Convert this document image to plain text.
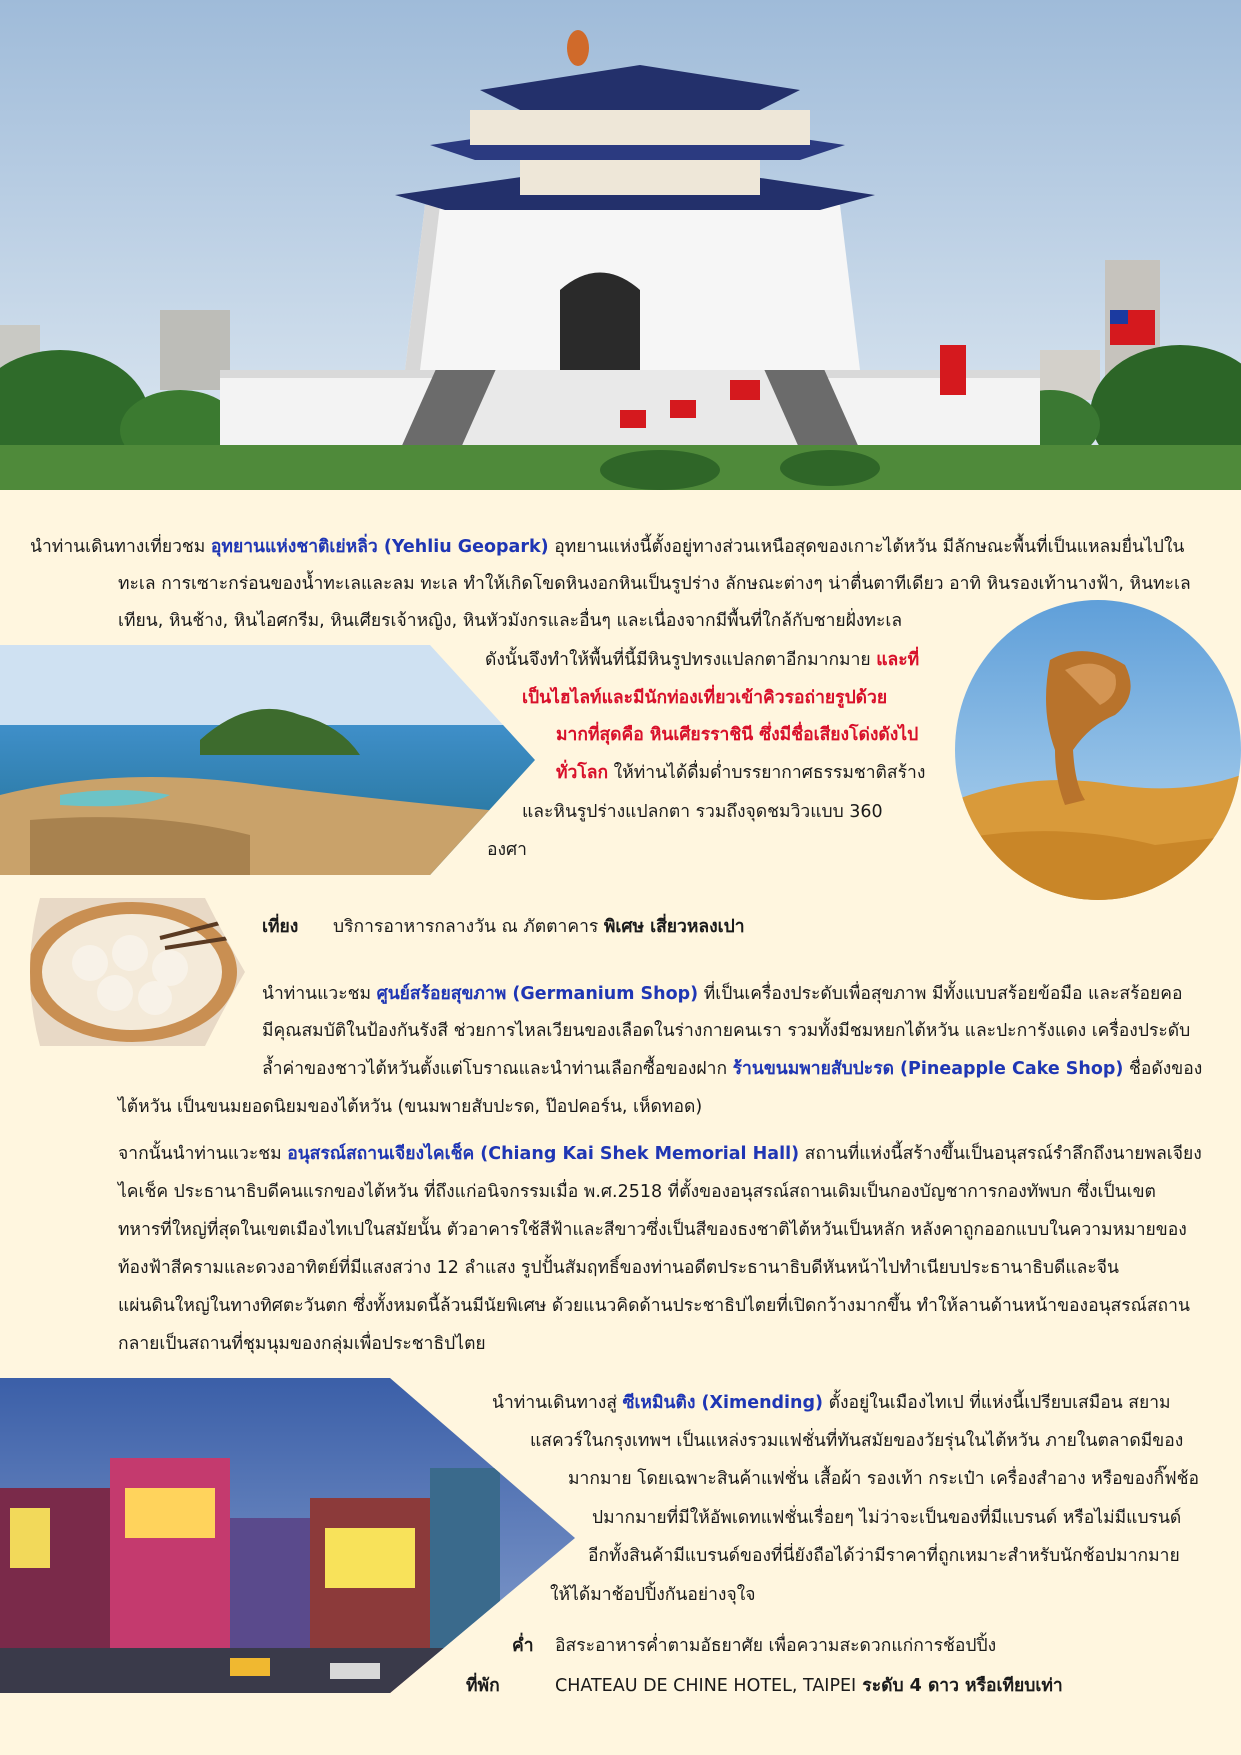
นำท่านเดินทางเที่ยวชม อุทยานแห่งชาติเย่หลิ่ว (Yehliu Geopark) อุทยานแห่งนี้ตั้งอยู่ทางส่วนเหนือสุดของเกาะไต้หวัน มีลักษณะพื้นที่เป็นแหลมยื่นไปใน
ทะเล การเซาะกร่อนของน้ำทะเลและลม ทะเล ทำให้เกิดโขดหินงอกหินเป็นรูปร่าง ลักษณะต่างๆ น่าตื่นตาทีเดียว อาทิ หินรองเท้านางฟ้า, หินทะเล
เทียน, หินช้าง, หินไอศกรีม, หินเศียรเจ้าหญิง, หินหัวมังกรและอื่นๆ และเนื่องจากมีพื้นที่ใกล้กับชายฝั่งทะเล
ดังนั้นจึงทำให้พื้นที่นี้มีหินรูปทรงแปลกตาอีกมากมาย และที่
เป็นไฮไลท์และมีนักท่องเที่ยวเข้าคิวรอถ่ายรูปด้วย
มากที่สุดคือ หินเศียรราชินี ซึ่งมีชื่อเสียงโด่งดังไป
ทั่วโลก ให้ท่านได้ดื่มด่ำบรรยากาศธรรมชาติสร้าง
และหินรูปร่างแปลกตา รวมถึงจุดชมวิวแบบ 360
องศา
เที่ยง บริการอาหารกลางวัน ณ ภัตตาคาร พิเศษ เสี่ยวหลงเปา
นำท่านแวะชม ศูนย์สร้อยสุขภาพ (Germanium Shop) ที่เป็นเครื่องประดับเพื่อสุขภาพ มีทั้งแบบสร้อยข้อมือ และสร้อยคอ
มีคุณสมบัติในป้องกันรังสี ช่วยการไหลเวียนของเลือดในร่างกายคนเรา รวมทั้งมีชมหยกไต้หวัน และปะการังแดง เครื่องประดับ
ล้ำค่าของชาวไต้หวันตั้งแต่โบราณและนำท่านเลือกซื้อของฝาก ร้านขนมพายสับปะรด (Pineapple Cake Shop) ชื่อดังของ
ไต้หวัน เป็นขนมยอดนิยมของไต้หวัน (ขนมพายสับปะรด, ป๊อปคอร์น, เห็ดทอด)
จากนั้นนำท่านแวะชม อนุสรณ์สถานเจียงไคเช็ค (Chiang Kai Shek Memorial Hall) สถานที่แห่งนี้สร้างขึ้นเป็นอนุสรณ์รำลึกถึงนายพลเจียง
ไคเช็ค ประธานาธิบดีคนแรกของไต้หวัน ที่ถึงแก่อนิจกรรมเมื่อ พ.ศ.2518 ที่ตั้งของอนุสรณ์สถานเดิมเป็นกองบัญชาการกองทัพบก ซึ่งเป็นเขต
ทหารที่ใหญ่ที่สุดในเขตเมืองไทเปในสมัยนั้น ตัวอาคารใช้สีฟ้าและสีขาวซึ่งเป็นสีของธงชาติไต้หวันเป็นหลัก หลังคาถูกออกแบบในความหมายของ
ท้องฟ้าสีครามและดวงอาทิตย์ที่มีแสงสว่าง 12 ลำแสง รูปปั้นสัมฤทธิ์ของท่านอดีตประธานาธิบดีหันหน้าไปทำเนียบประธานาธิบดีและจีน
แผ่นดินใหญ่ในทางทิศตะวันตก ซึ่งทั้งหมดนี้ล้วนมีนัยพิเศษ ด้วยแนวคิดด้านประชาธิปไตยที่เปิดกว้างมากขึ้น ทำให้ลานด้านหน้าของอนุสรณ์สถาน
กลายเป็นสถานที่ชุมนุมของกลุ่มเพื่อประชาธิปไตย
นำท่านเดินทางสู่ ซีเหมินติง (Ximending) ตั้งอยู่ในเมืองไทเป ที่แห่งนี้เปรียบเสมือน สยาม
แสควร์ในกรุงเทพฯ เป็นแหล่งรวมแฟชั่นที่ทันสมัยของวัยรุ่นในไต้หวัน ภายในตลาดมีของ
มากมาย โดยเฉพาะสินค้าแฟชั่น เสื้อผ้า รองเท้า กระเป๋า เครื่องสำอาง หรือของกิ๊ฟช้อ
ปมากมายที่มีให้อัพเดทแฟชั่นเรื่อยๆ ไม่ว่าจะเป็นของที่มีแบรนด์ หรือไม่มีแบรนด์
อีกทั้งสินค้ามีแบรนด์ของที่นี่ยังถือได้ว่ามีราคาที่ถูกเหมาะสำหรับนักช้อปมากมาย
ให้ได้มาช้อปปิ้งกันอย่างจุใจ
ค่ำ อิสระอาหารค่ำตามอัธยาศัย เพื่อความสะดวกแก่การช้อปปิ้ง
ที่พัก	CHATEAU DE CHINE HOTEL, TAIPEI ระดับ 4 ดาว หรือเทียบเท่า
